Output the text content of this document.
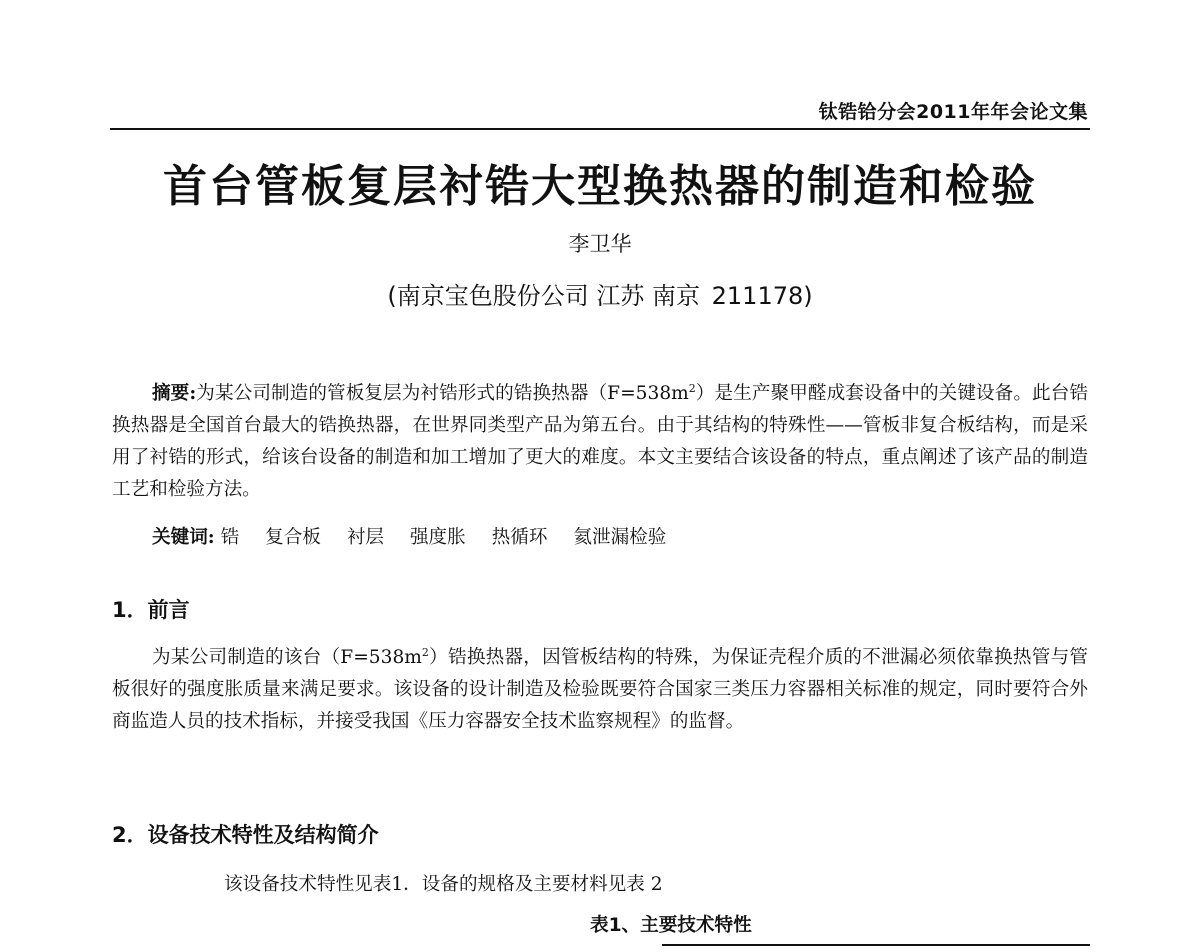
钛锆铪分会2011年年会论文集
首台管板复层衬锆大型换热器的制造和检验
李卫华
(南京宝色股份公司 江苏 南京 211178)

摘要:为某公司制造的管板复层为衬锆形式的锆换热器$(F=538m^2)$是生产聚甲醛成套设备中的关键设备。此台锆换热器是全国首台最大的锆换热器，在世界同类型产品为第五台。由于其结构的特殊性——管板非复合板结构，而是采用了衬锆的形式，给该台设备的制造和加工增加了更大的难度。本文主要结合该设备的特点，重点阐述了该产品的制造工艺和检验方法。

关键词: 锆 复合板 衬层 强度胀 热循环 氦泄漏检验

1．前言

为某公司制造的该台$(F=538m^2)$锆换热器，因管板结构的特殊，为保证壳程介质的不泄漏必须依靠换热管与管板很好的强度胀质量来满足要求。该设备的设计制造及检验既要符合国家三类压力容器相关标准的规定，同时要符合外商监造人员的技术指标，并接受我国《压力容器安全技术监察规程》的监督。

2．设备技术特性及结构简介
该设备技术特性见表1．设备的规格及主要材料见表 2
表1、主要技术特性
